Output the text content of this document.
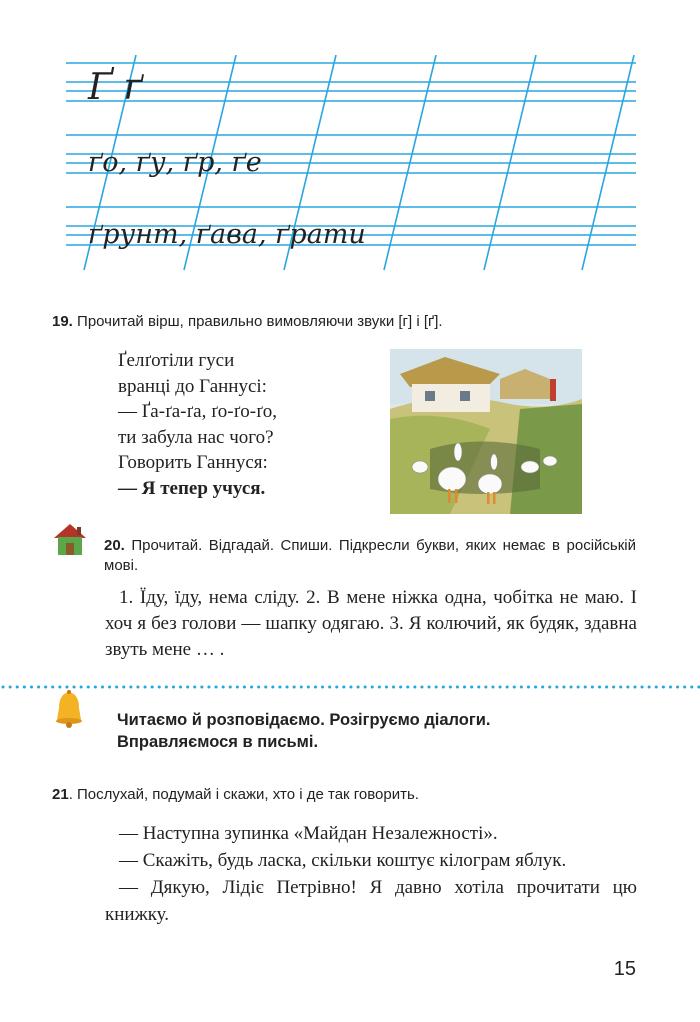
Ґ ґ
ґо, ґу, ґр, ґе
ґрунт, ґава, ґрати
19. Прочитай вірш, правильно вимовляючи звуки [г] і [ґ].
Ґелґотіли гуси
вранці до Ганнусі:
— Ґа-ґа-ґа, ґо-ґо-ґо,
ти забула нас чого?
Говорить Ганнуся:
— Я тепер учуся.
20. Прочитай. Відгадай. Спиши. Підкресли букви, яких немає в російській мові.
1. Їду, їду, нема сліду. 2. В мене ніжка одна, чобітка не маю. І хоч я без голови — шапку одягаю. 3. Я колючий, як будяк, здавна звуть мене … .
Читаємо й розповідаємо. Розігруємо діалоги.
Вправляємося в письмі.
21. Послухай, подумай і скажи, хто і де так говорить.

— Наступна зупинка «Майдан Незалежності».

— Скажіть, будь ласка, скільки коштує кілограм яблук.

— Дякую, Лідіє Петрівно! Я давно хотіла прочитати цю книжку.

15
